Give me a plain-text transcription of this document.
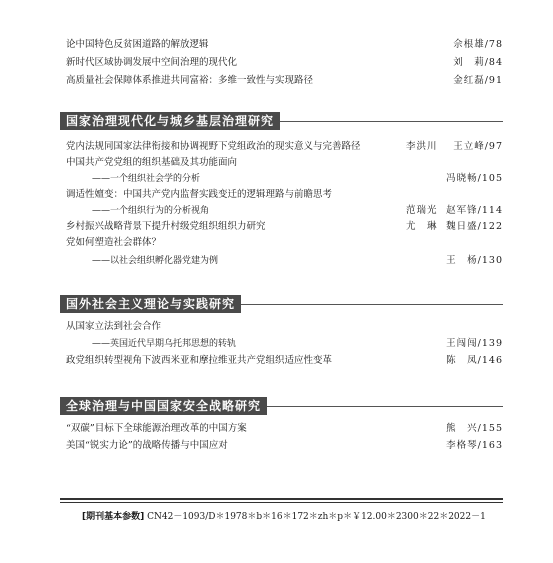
论中国特色反贫困道路的解放逻辑	佘根雄/78
新时代区域协调发展中空间治理的现代化	刘　莉/84
高质量社会保障体系推进共同富裕：多维一致性与实现路径	金红磊/91
国家治理现代化与城乡基层治理研究
党内法规同国家法律衔接和协调视野下党组政治的现实意义与完善路径	李洪川 王立峰/97
中国共产党党组的组织基础及其功能面向
——一个组织社会学的分析	冯晓畅/105
调适性嬗变：中国共产党内监督实践变迁的逻辑理路与前瞻思考
——一个组织行为的分析视角	范瑞光 赵军锋/114
乡村振兴战略背景下提升村级党组织组织力研究	尤　琳 魏日盛/122
党如何塑造社会群体？
——以社会组织孵化器党建为例	王　杨/130
国外社会主义理论与实践研究
从国家立法到社会合作
——英国近代早期乌托邦思想的转轨	王闯闯/139
政党组织转型视角下波西米亚和摩拉维亚共产党组织适应性变革	陈　凤/146
全球治理与中国国家安全战略研究
“双碳”目标下全球能源治理改革的中国方案	熊　兴/155
美国“锐实力论”的战略传播与中国应对	李格琴/163
[期刊基本参数] CN42－1093/D＊1978＊b＊16＊172＊zh＊p＊￥12.00＊2300＊22＊2022－1
